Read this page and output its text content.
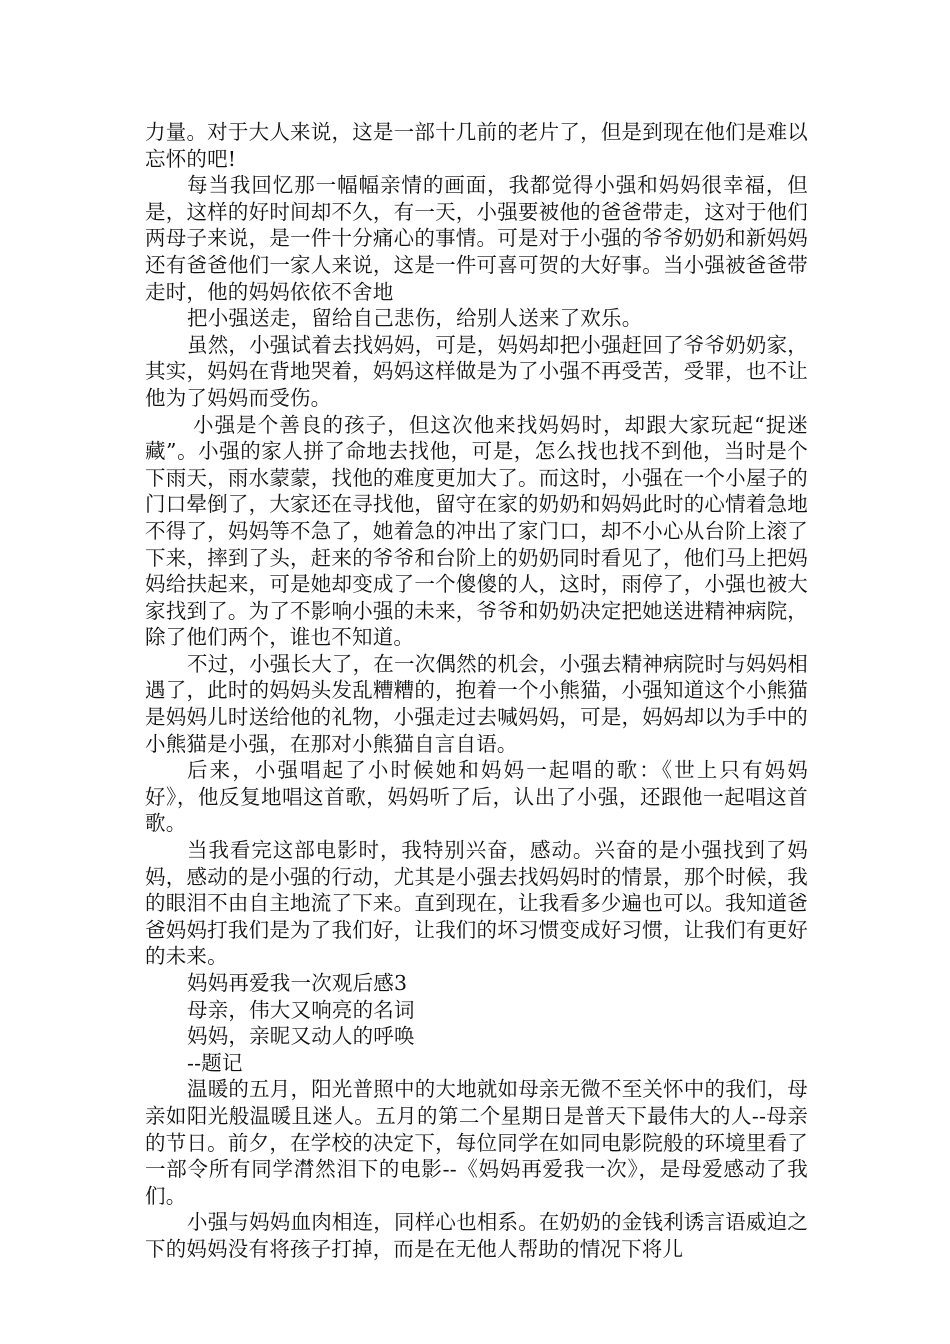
力量。对于大人来说，这是一部十几前的老片了，但是到现在他们是难以忘怀的吧!

每当我回忆那一幅幅亲情的画面，我都觉得小强和妈妈很幸福，但是，这样的好时间却不久，有一天，小强要被他的爸爸带走，这对于他们两母子来说，是一件十分痛心的事情。可是对于小强的爷爷奶奶和新妈妈还有爸爸他们一家人来说，这是一件可喜可贺的大好事。当小强被爸爸带走时，他的妈妈依依不舍地

把小强送走，留给自己悲伤，给别人送来了欢乐。

虽然，小强试着去找妈妈，可是，妈妈却把小强赶回了爷爷奶奶家，其实，妈妈在背地哭着，妈妈这样做是为了小强不再受苦，受罪，也不让他为了妈妈而受伤。

小强是个善良的孩子，但这次他来找妈妈时，却跟大家玩起“捉迷藏”。小强的家人拼了命地去找他，可是，怎么找也找不到他，当时是个下雨天，雨水蒙蒙，找他的难度更加大了。而这时，小强在一个小屋子的门口晕倒了，大家还在寻找他，留守在家的奶奶和妈妈此时的心情着急地不得了，妈妈等不急了，她着急的冲出了家门口，却不小心从台阶上滚了下来，摔到了头，赶来的爷爷和台阶上的奶奶同时看见了，他们马上把妈妈给扶起来，可是她却变成了一个傻傻的人，这时，雨停了，小强也被大家找到了。为了不影响小强的未来，爷爷和奶奶决定把她送进精神病院，除了他们两个，谁也不知道。

不过，小强长大了，在一次偶然的机会，小强去精神病院时与妈妈相遇了，此时的妈妈头发乱糟糟的，抱着一个小熊猫，小强知道这个小熊猫是妈妈儿时送给他的礼物，小强走过去喊妈妈，可是，妈妈却以为手中的小熊猫是小强，在那对小熊猫自言自语。

后来，小强唱起了小时候她和妈妈一起唱的歌：《世上只有妈妈好》，他反复地唱这首歌，妈妈听了后，认出了小强，还跟他一起唱这首歌。

当我看完这部电影时，我特别兴奋，感动。兴奋的是小强找到了妈妈，感动的是小强的行动，尤其是小强去找妈妈时的情景，那个时候，我的眼泪不由自主地流了下来。直到现在，让我看多少遍也可以。我知道爸爸妈妈打我们是为了我们好，让我们的坏习惯变成好习惯，让我们有更好的未来。

妈妈再爱我一次观后感3

母亲，伟大又响亮的名词

妈妈，亲昵又动人的呼唤

--题记

温暖的五月，阳光普照中的大地就如母亲无微不至关怀中的我们，母亲如阳光般温暖且迷人。五月的第二个星期日是普天下最伟大的人--母亲的节日。前夕，在学校的决定下，每位同学在如同电影院般的环境里看了一部令所有同学潸然泪下的电影--《妈妈再爱我一次》，是母爱感动了我们。

小强与妈妈血肉相连，同样心也相系。在奶奶的金钱利诱言语威迫之下的妈妈没有将孩子打掉，而是在无他人帮助的情况下将儿
